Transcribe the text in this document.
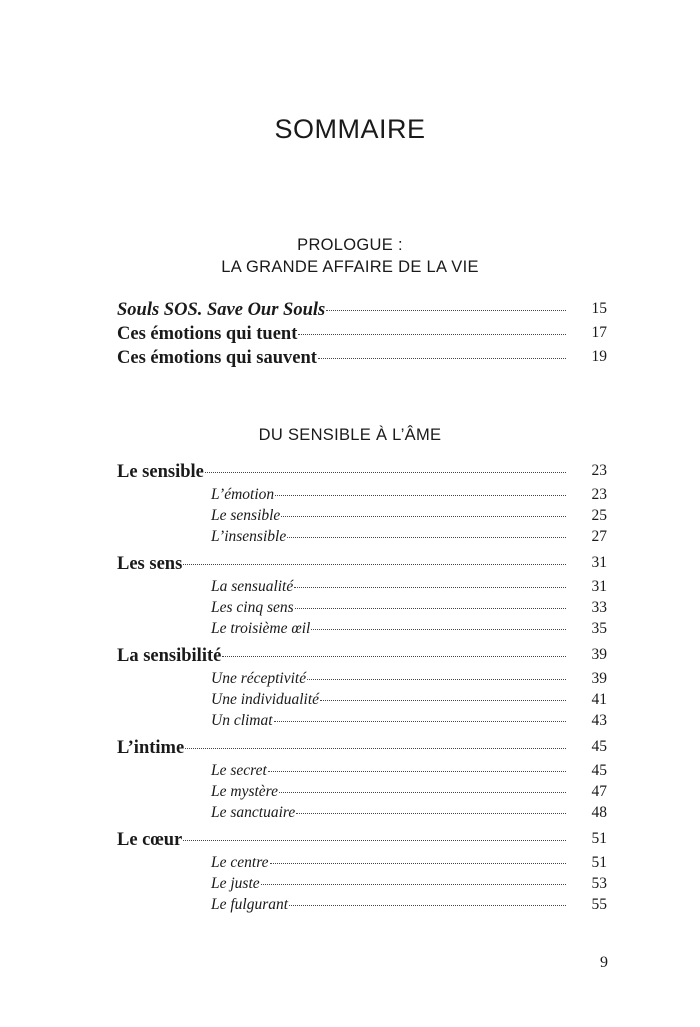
SOMMAIRE
PROLOGUE :
LA GRANDE AFFAIRE DE LA VIE
Souls SOS. Save Our Souls	15
Ces émotions qui tuent	17
Ces émotions qui sauvent	19
DU SENSIBLE À L’ÂME
Le sensible	23
L’émotion	23
Le sensible	25
L’insensible	27
Les sens	31
La sensualité	31
Les cinq sens	33
Le troisième œil	35
La sensibilité	39
Une réceptivité	39
Une individualité	41
Un climat	43
L’intime	45
Le secret	45
Le mystère	47
Le sanctuaire	48
Le cœur	51
Le centre	51
Le juste	53
Le fulgurant	55
9
